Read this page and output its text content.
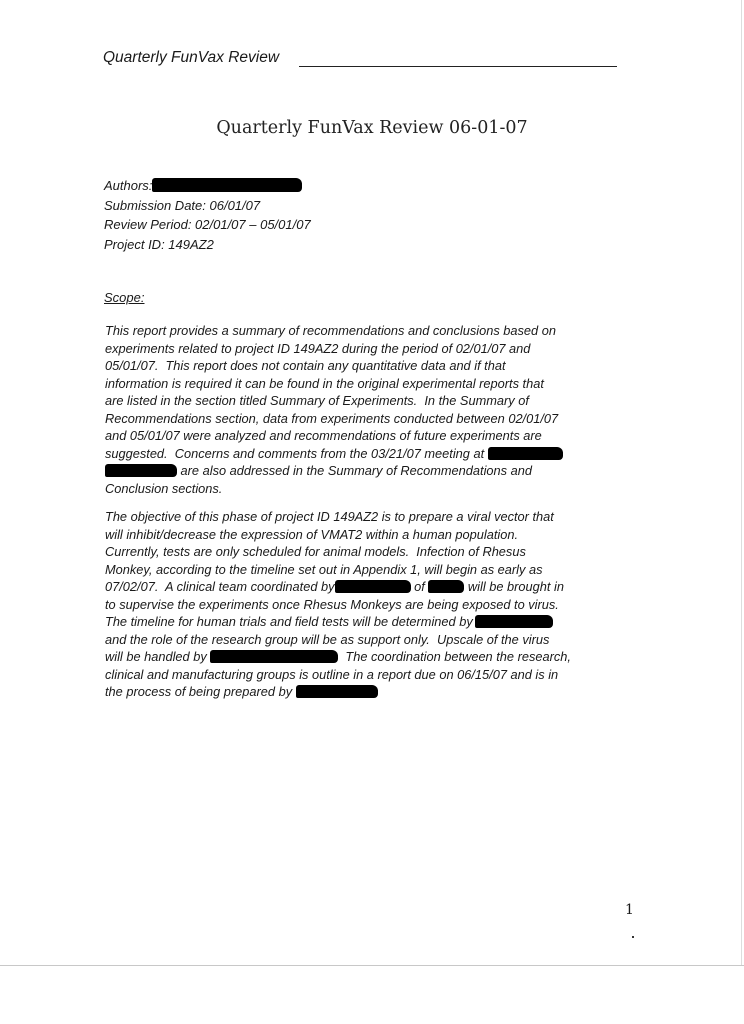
Quarterly FunVax Review
Quarterly FunVax Review 06-01-07
Authors:
Submission Date: 06/01/07
Review Period: 02/01/07 – 05/01/07
Project ID: 149AZ2
Scope:
This report provides a summary of recommendations and conclusions based on
experiments related to project ID 149AZ2 during the period of 02/01/07 and
05/01/07.  This report does not contain any quantitative data and if that
information is required it can be found in the original experimental reports that
are listed in the section titled Summary of Experiments.  In the Summary of
Recommendations section, data from experiments conducted between 02/01/07
and 05/01/07 were analyzed and recommendations of future experiments are
suggested.  Concerns and comments from the 03/21/07 meeting at
are also addressed in the Summary of Recommendations and
Conclusion sections.
The objective of this phase of project ID 149AZ2 is to prepare a viral vector that
will inhibit/decrease the expression of VMAT2 within a human population.
Currently, tests are only scheduled for animal models.  Infection of Rhesus
Monkey, according to the timeline set out in Appendix 1, will begin as early as
07/02/07.  A clinical team coordinated by	of	will be brought in
to supervise the experiments once Rhesus Monkeys are being exposed to virus.
The timeline for human trials and field tests will be determined by
and the role of the research group will be as support only.  Upscale of the virus
will be handled by	The coordination between the research,
clinical and manufacturing groups is outline in a report due on 06/15/07 and is in
the process of being prepared by
1
